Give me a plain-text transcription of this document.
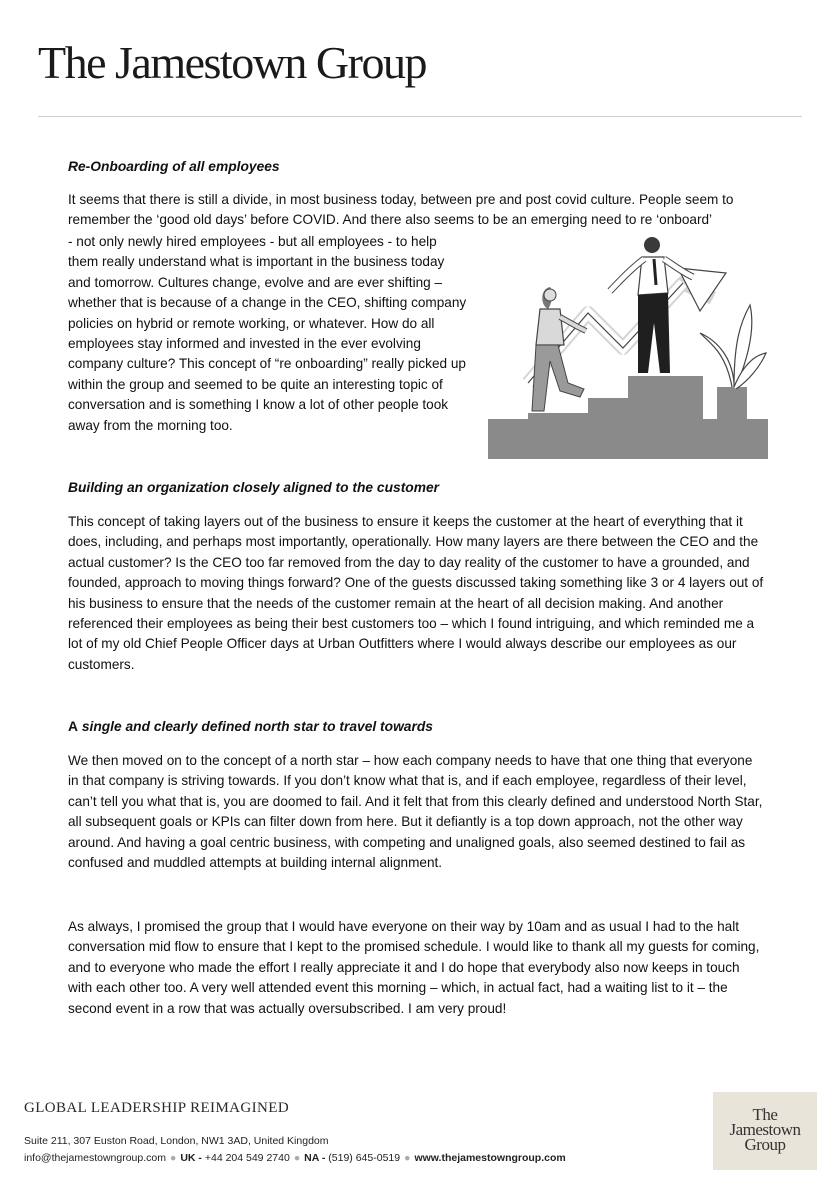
The Jamestown Group
Re-Onboarding of all employees

It seems that there is still a divide, in most business today, between pre and post covid culture. People seem to remember the ‘good old days’ before COVID. And there also seems to be an emerging need to re ‘onboard’

- not only newly hired employees - but all employees - to help them really understand what is important in the business today and tomorrow. Cultures change, evolve and are ever shifting – whether that is because of a change in the CEO, shifting company policies on hybrid or remote working, or whatever. How do all employees stay informed and invested in the ever evolving company culture? This concept of “re onboarding” really picked up within the group and seemed to be quite an interesting topic of conversation and is something I know a lot of other people took away from the morning too.

Building an organization closely aligned to the customer

This concept of taking layers out of the business to ensure it keeps the customer at the heart of everything that it does, including, and perhaps most importantly, operationally. How many layers are there between the CEO and the actual customer? Is the CEO too far removed from the day to day reality of the customer to have a grounded, and founded, approach to moving things forward? One of the guests discussed taking something like 3 or 4 layers out of his business to ensure that the needs of the customer remain at the heart of all decision making. And another referenced their employees as being their best customers too – which I found intriguing, and which reminded me a lot of my old Chief People Officer days at Urban Outfitters where I would always describe our employees as our customers.

A single and clearly defined north star to travel towards

We then moved on to the concept of a north star – how each company needs to have that one thing that everyone in that company is striving towards. If you don’t know what that is, and if each employee, regardless of their level, can’t tell you what that is, you are doomed to fail. And it felt that from this clearly defined and understood North Star, all subsequent goals or KPIs can filter down from here. But it defiantly is a top down approach, not the other way around. And having a goal centric business, with competing and unaligned goals, also seemed destined to fail as confused and muddled attempts at building internal alignment.

As always, I promised the group that I would have everyone on their way by 10am and as usual I had to the halt conversation mid flow to ensure that I kept to the promised schedule. I would like to thank all my guests for coming, and to everyone who made the effort I really appreciate it and I do hope that everybody also now keeps in touch with each other too. A very well attended event this morning – which, in actual fact, had a waiting list to it – the second event in a row that was actually oversubscribed. I am very proud!

GLOBAL LEADERSHIP REIMAGINED
Suite 211, 307 Euston Road, London, NW1 3AD, United Kingdom
info@thejamestowngroup.com ● UK - +44 204 549 2740 ● NA - (519) 645-0519 ● www.thejamestowngroup.com
The
Jamestown
Group
